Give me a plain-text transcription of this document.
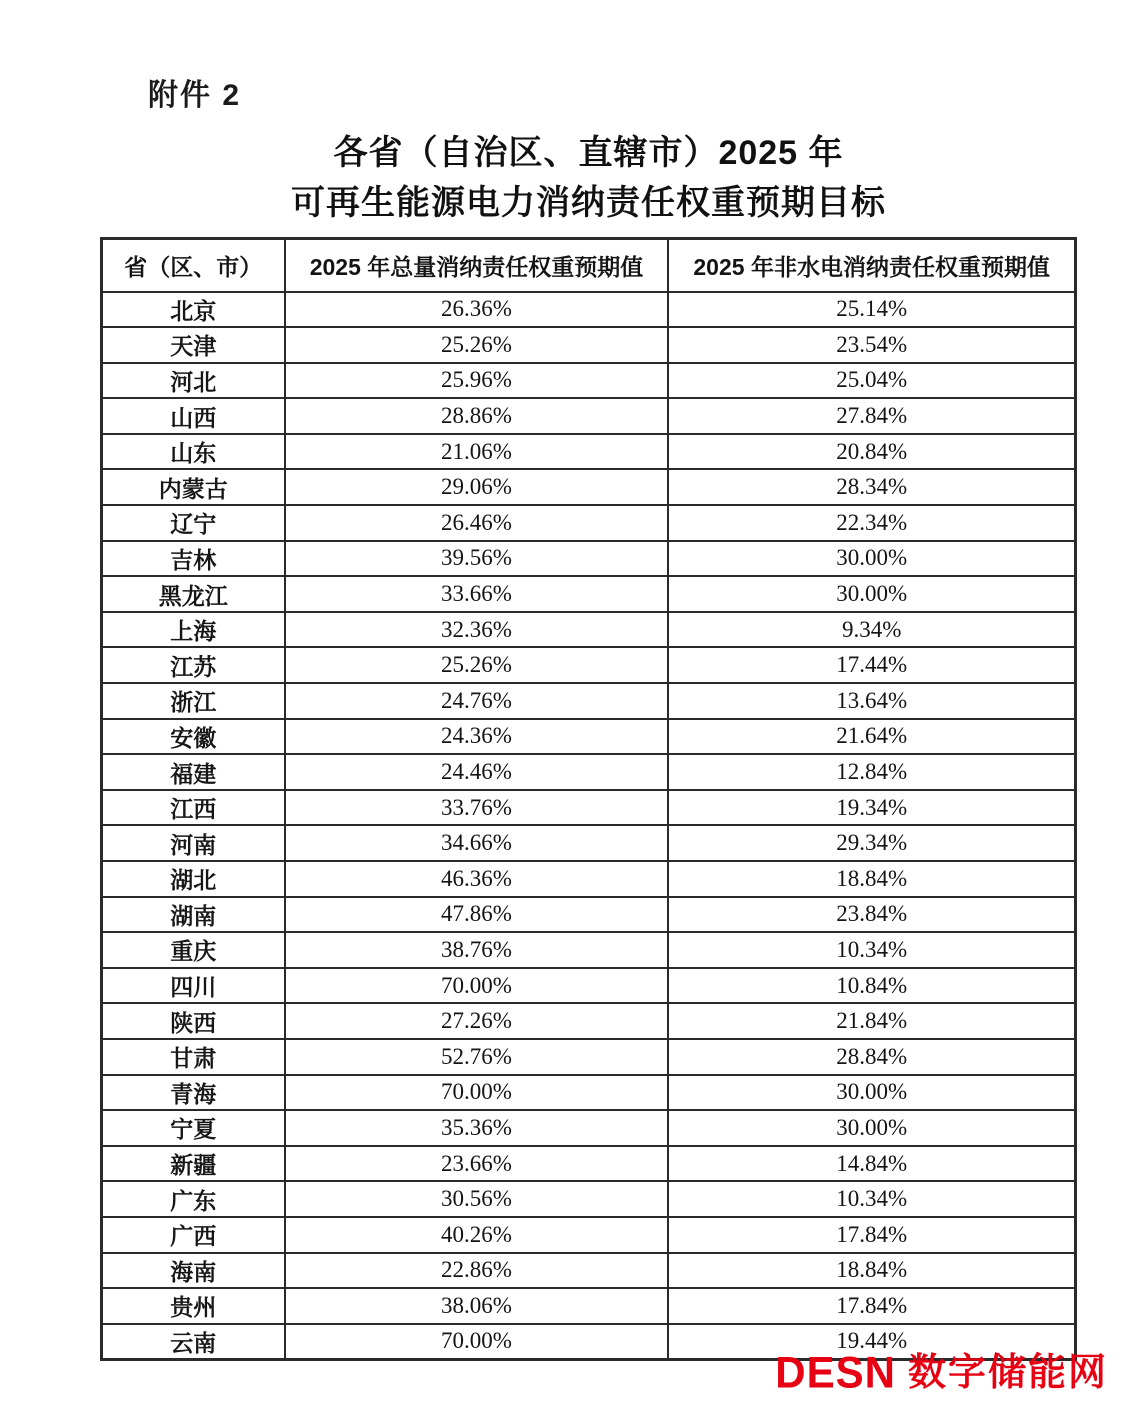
附件 2
各省（自治区、直辖市）2025 年
可再生能源电力消纳责任权重预期目标
省（区、市）	2025 年总量消纳责任权重预期值	2025 年非水电消纳责任权重预期值
北京	26.36%	25.14%
天津	25.26%	23.54%
河北	25.96%	25.04%
山西	28.86%	27.84%
山东	21.06%	20.84%
内蒙古	29.06%	28.34%
辽宁	26.46%	22.34%
吉林	39.56%	30.00%
黑龙江	33.66%	30.00%
上海	32.36%	9.34%
江苏	25.26%	17.44%
浙江	24.76%	13.64%
安徽	24.36%	21.64%
福建	24.46%	12.84%
江西	33.76%	19.34%
河南	34.66%	29.34%
湖北	46.36%	18.84%
湖南	47.86%	23.84%
重庆	38.76%	10.34%
四川	70.00%	10.84%
陕西	27.26%	21.84%
甘肃	52.76%	28.84%
青海	70.00%	30.00%
宁夏	35.36%	30.00%
新疆	23.66%	14.84%
广东	30.56%	10.34%
广西	40.26%	17.84%
海南	22.86%	18.84%
贵州	38.06%	17.84%
云南	70.00%	19.44%
DESN 数字储能网
